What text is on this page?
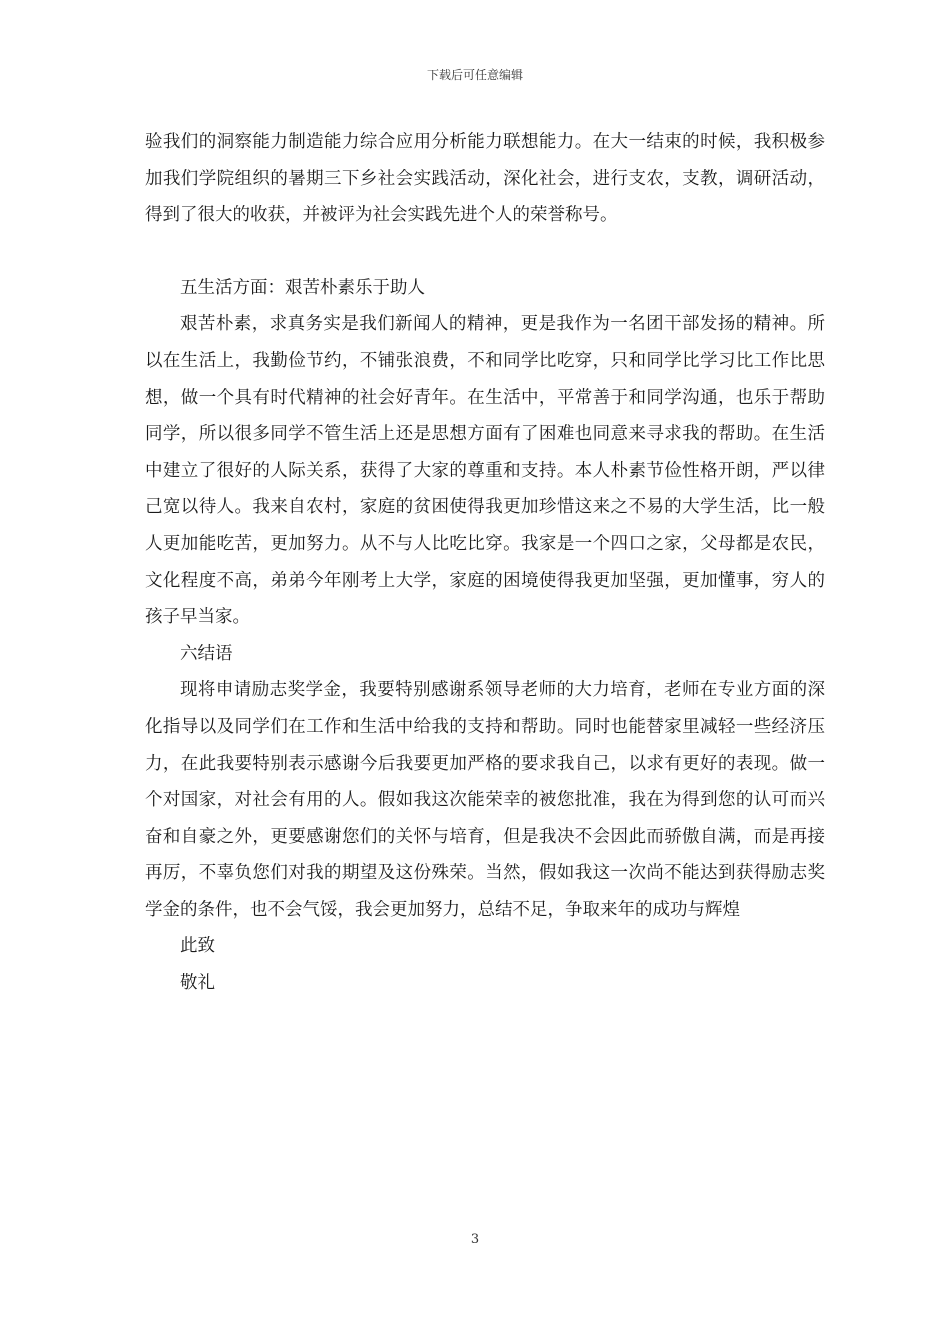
下载后可任意编辑

验我们的洞察能力制造能力综合应用分析能力联想能力。在大一结束的时候，我积极参加我们学院组织的暑期三下乡社会实践活动，深化社会，进行支农，支教，调研活动，得到了很大的收获，并被评为社会实践先进个人的荣誉称号。

五生活方面：艰苦朴素乐于助人

艰苦朴素，求真务实是我们新闻人的精神，更是我作为一名团干部发扬的精神。所以在生活上，我勤俭节约，不铺张浪费，不和同学比吃穿，只和同学比学习比工作比思想，做一个具有时代精神的社会好青年。在生活中，平常善于和同学沟通，也乐于帮助同学，所以很多同学不管生活上还是思想方面有了困难也同意来寻求我的帮助。在生活中建立了很好的人际关系，获得了大家的尊重和支持。本人朴素节俭性格开朗，严以律己宽以待人。我来自农村，家庭的贫困使得我更加珍惜这来之不易的大学生活，比一般人更加能吃苦，更加努力。从不与人比吃比穿。我家是一个四口之家，父母都是农民，文化程度不高，弟弟今年刚考上大学，家庭的困境使得我更加坚强，更加懂事，穷人的孩子早当家。

六结语

现将申请励志奖学金，我要特别感谢系领导老师的大力培育，老师在专业方面的深化指导以及同学们在工作和生活中给我的支持和帮助。同时也能替家里减轻一些经济压力，在此我要特别表示感谢今后我要更加严格的要求我自己，以求有更好的表现。做一个对国家，对社会有用的人。假如我这次能荣幸的被您批准，我在为得到您的认可而兴奋和自豪之外，更要感谢您们的关怀与培育，但是我决不会因此而骄傲自满，而是再接再厉，不辜负您们对我的期望及这份殊荣。当然，假如我这一次尚不能达到获得励志奖学金的条件，也不会气馁，我会更加努力，总结不足，争取来年的成功与辉煌

此致

敬礼

3
